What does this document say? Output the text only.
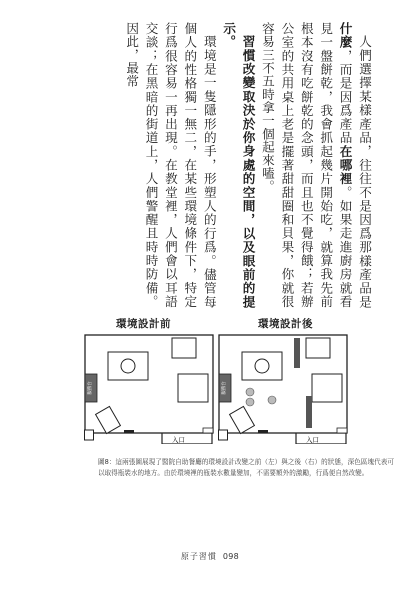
人們選擇某樣產品，往往不是因爲那樣產品是什麼，而是因爲產品在哪裡。如果走進廚房就看見一盤餅乾，我會抓起幾片開始吃，就算我先前根本沒有吃餅乾的念頭，而且也不覺得餓；若辦公室的共用桌上老是擺著甜甜圈和貝果，你就很容易三不五時拿一個起來嗑。

習慣改變取決於你身處的空間，以及眼前的提示。

環境是一隻隱形的手，形塑人的行爲。儘管每個人的性格獨一無二，在某些環境條件下，特定行爲很容易一再出現。在教堂裡，人們會以耳語交談；在黑暗的街道上，人們警醒且時時防備。因此，最常

環境設計前	環境設計後
入口
服務台
入口
服務台
圖8：這兩張圖展現了醫院自助餐廳的環境設計改變之前（左）與之後（右）的狀態，深色區塊代表可以取得瓶裝水的地方。由於環境裡的瓶裝水數量變加，不需要額外的激勵，行爲便自然改變。
原子習慣 098
